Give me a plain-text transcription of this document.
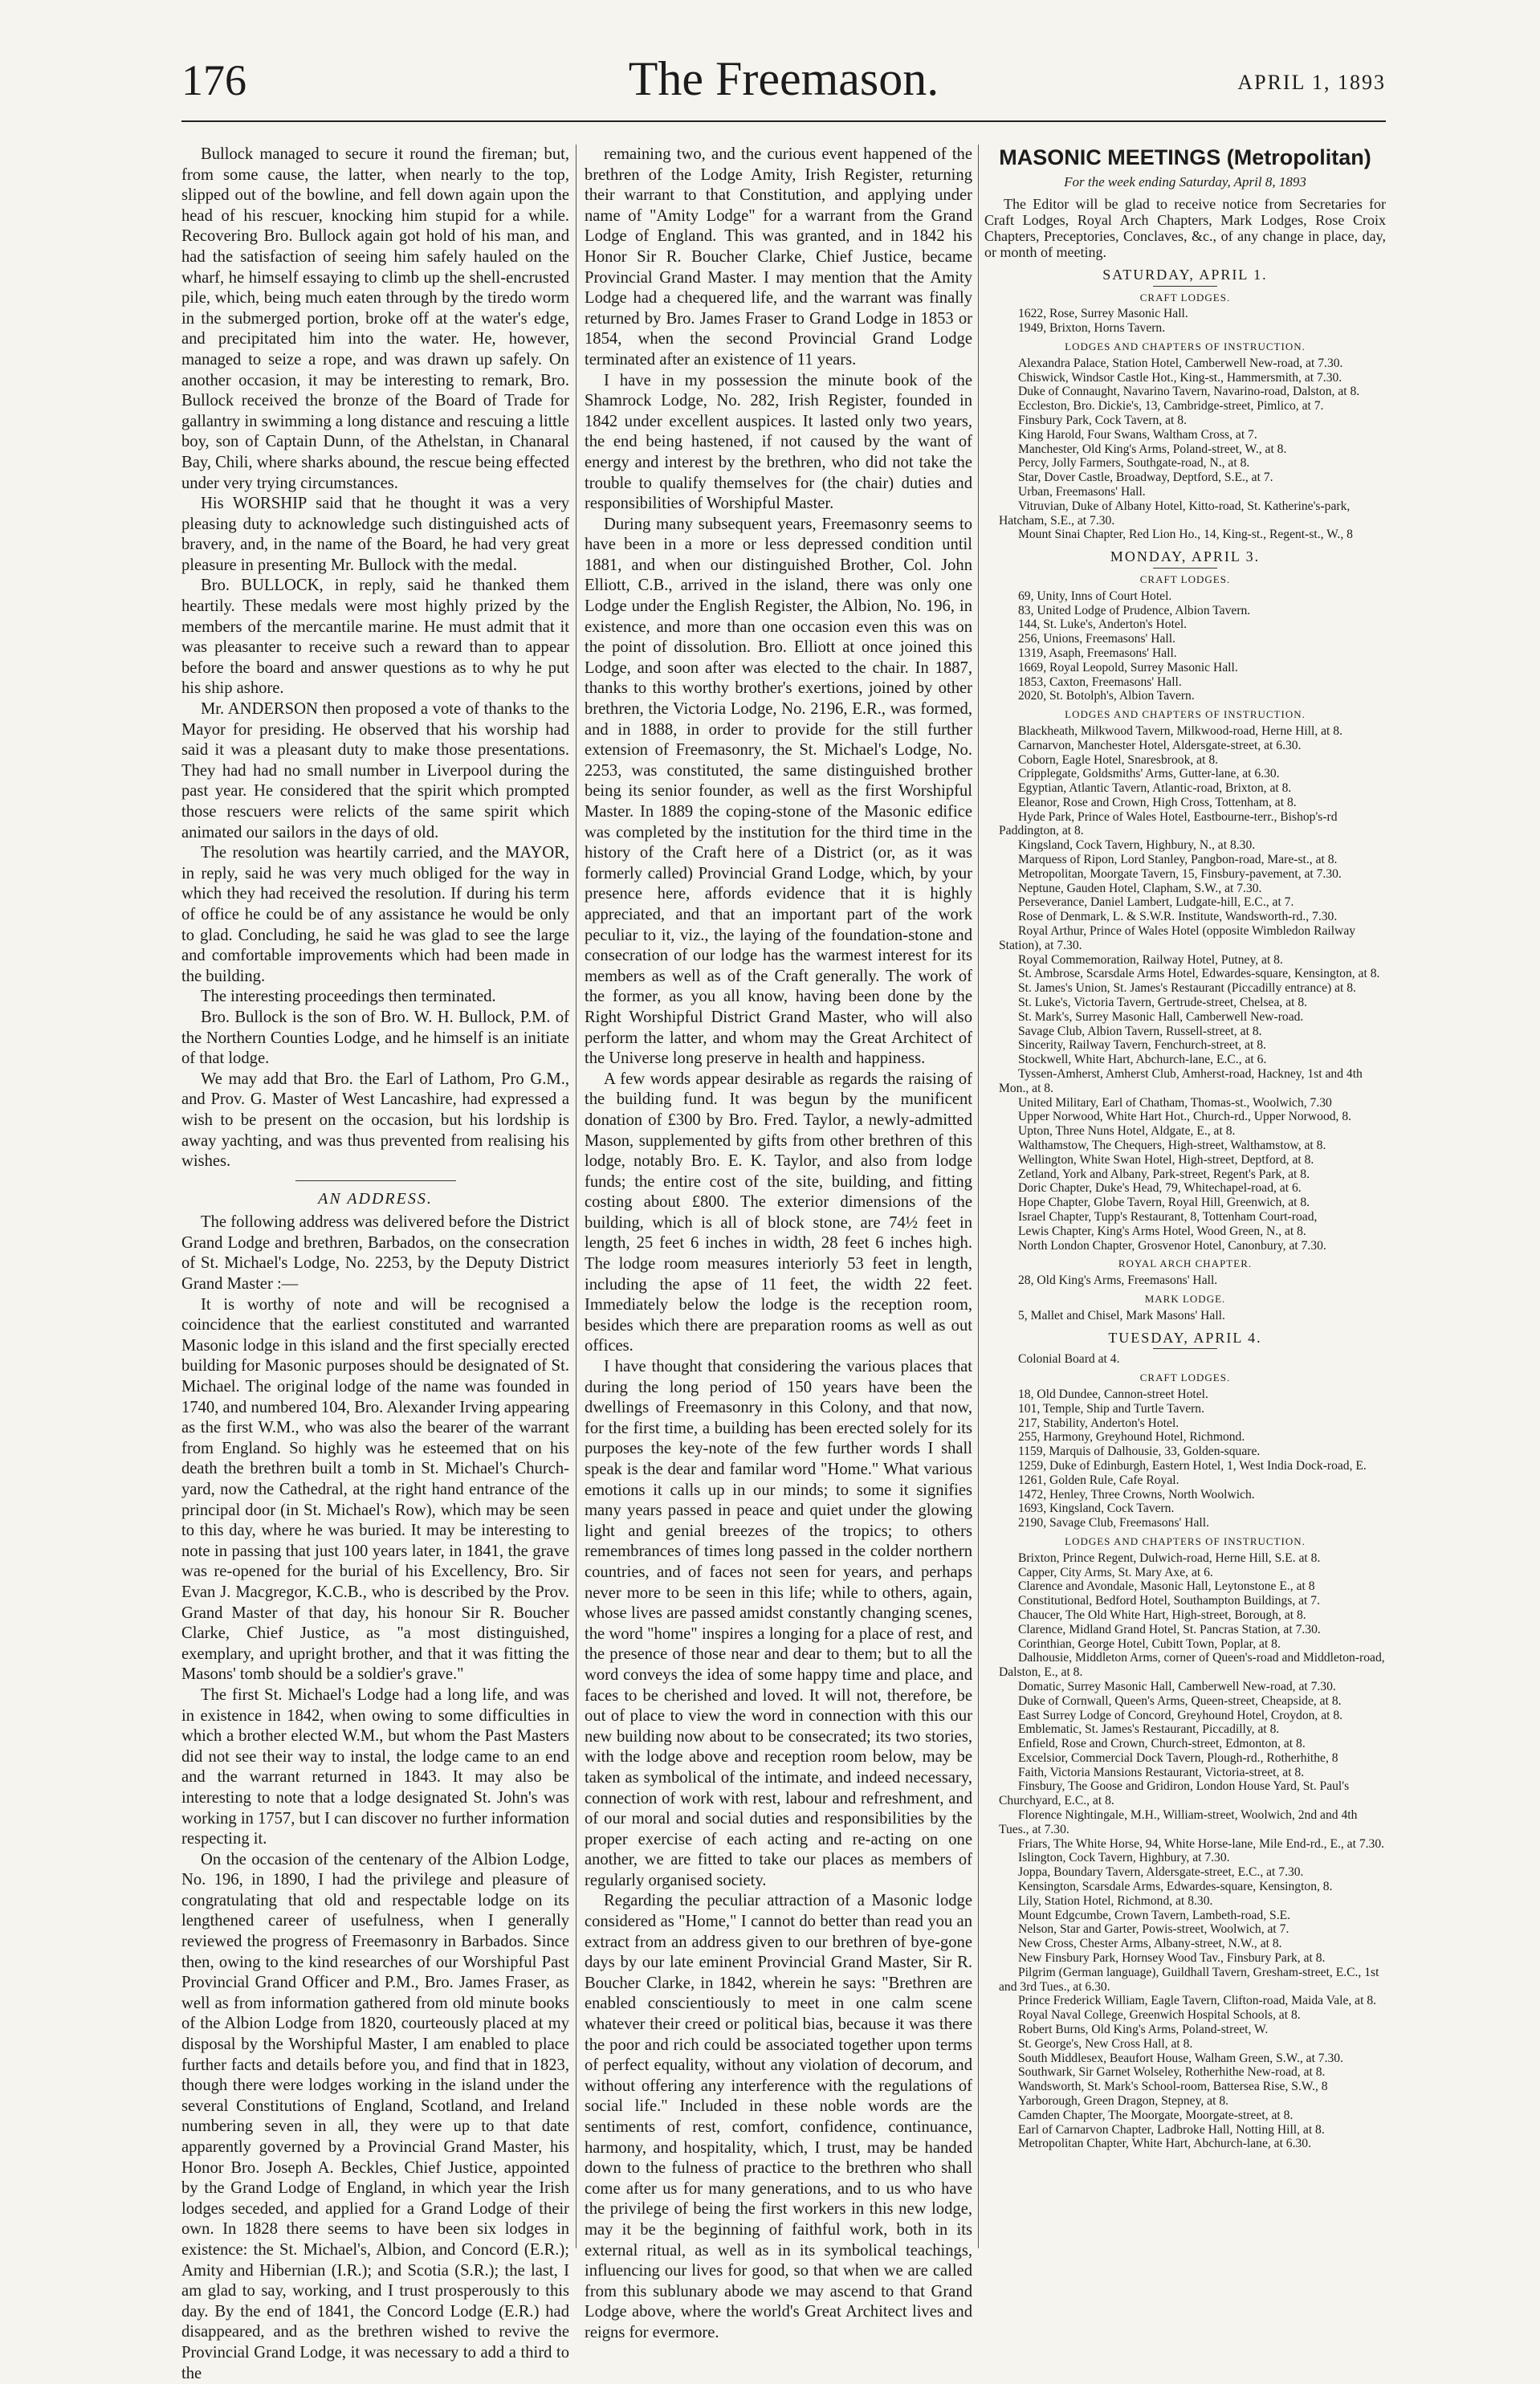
176	The Freemason.	APRIL 1, 1893

Bullock managed to secure it round the fireman; but, from some cause, the latter, when nearly to the top, slipped out of the bowline, and fell down again upon the head of his rescuer, knocking him stupid for a while. Recovering Bro. Bullock again got hold of his man, and had the satisfaction of seeing him safely hauled on the wharf, he himself essaying to climb up the shell-encrusted pile, which, being much eaten through by the tiredo worm in the submerged portion, broke off at the water's edge, and precipitated him into the water. He, however, managed to seize a rope, and was drawn up safely. On another occasion, it may be interesting to remark, Bro. Bullock received the bronze of the Board of Trade for gallantry in swimming a long distance and rescuing a little boy, son of Captain Dunn, of the Athelstan, in Chanaral Bay, Chili, where sharks abound, the rescue being effected under very trying circumstances.

His WORSHIP said that he thought it was a very pleasing duty to acknowledge such distinguished acts of bravery, and, in the name of the Board, he had very great pleasure in presenting Mr. Bullock with the medal.

Bro. BULLOCK, in reply, said he thanked them heartily. These medals were most highly prized by the members of the mercantile marine. He must admit that it was pleasanter to receive such a reward than to appear before the board and answer questions as to why he put his ship ashore.

Mr. ANDERSON then proposed a vote of thanks to the Mayor for presiding. He observed that his worship had said it was a pleasant duty to make those presentations. They had had no small number in Liverpool during the past year. He considered that the spirit which prompted those rescuers were relicts of the same spirit which animated our sailors in the days of old.

The resolution was heartily carried, and the MAYOR, in reply, said he was very much obliged for the way in which they had received the resolution. If during his term of office he could be of any assistance he would be only to glad. Concluding, he said he was glad to see the large and comfortable improvements which had been made in the building.

The interesting proceedings then terminated.

Bro. Bullock is the son of Bro. W. H. Bullock, P.M. of the Northern Counties Lodge, and he himself is an initiate of that lodge.

We may add that Bro. the Earl of Lathom, Pro G.M., and Prov. G. Master of West Lancashire, had expressed a wish to be present on the occasion, but his lordship is away yachting, and was thus prevented from realising his wishes.

AN ADDRESS.

The following address was delivered before the District Grand Lodge and brethren, Barbados, on the consecration of St. Michael's Lodge, No. 2253, by the Deputy District Grand Master :—

It is worthy of note and will be recognised a coincidence that the earliest constituted and warranted Masonic lodge in this island and the first specially erected building for Masonic purposes should be designated of St. Michael. The original lodge of the name was founded in 1740, and numbered 104, Bro. Alexander Irving appearing as the first W.M., who was also the bearer of the warrant from England. So highly was he esteemed that on his death the brethren built a tomb in St. Michael's Church-yard, now the Cathedral, at the right hand entrance of the principal door (in St. Michael's Row), which may be seen to this day, where he was buried. It may be interesting to note in passing that just 100 years later, in 1841, the grave was re-opened for the burial of his Excellency, Bro. Sir Evan J. Macgregor, K.C.B., who is described by the Prov. Grand Master of that day, his honour Sir R. Boucher Clarke, Chief Justice, as "a most distinguished, exemplary, and upright brother, and that it was fitting the Masons' tomb should be a soldier's grave."

The first St. Michael's Lodge had a long life, and was in existence in 1842, when owing to some difficulties in which a brother elected W.M., but whom the Past Masters did not see their way to instal, the lodge came to an end and the warrant returned in 1843. It may also be interesting to note that a lodge designated St. John's was working in 1757, but I can discover no further information respecting it.

On the occasion of the centenary of the Albion Lodge, No. 196, in 1890, I had the privilege and pleasure of congratulating that old and respectable lodge on its lengthened career of usefulness, when I generally reviewed the progress of Freemasonry in Barbados. Since then, owing to the kind researches of our Worshipful Past Provincial Grand Officer and P.M., Bro. James Fraser, as well as from information gathered from old minute books of the Albion Lodge from 1820, courteously placed at my disposal by the Worshipful Master, I am enabled to place further facts and details before you, and find that in 1823, though there were lodges working in the island under the several Constitutions of England, Scotland, and Ireland numbering seven in all, they were up to that date apparently governed by a Provincial Grand Master, his Honor Bro. Joseph A. Beckles, Chief Justice, appointed by the Grand Lodge of England, in which year the Irish lodges seceded, and applied for a Grand Lodge of their own. In 1828 there seems to have been six lodges in existence: the St. Michael's, Albion, and Concord (E.R.); Amity and Hibernian (I.R.); and Scotia (S.R.); the last, I am glad to say, working, and I trust prosperously to this day. By the end of 1841, the Concord Lodge (E.R.) had disappeared, and as the brethren wished to revive the Provincial Grand Lodge, it was necessary to add a third to the

remaining two, and the curious event happened of the brethren of the Lodge Amity, Irish Register, returning their warrant to that Constitution, and applying under name of "Amity Lodge" for a warrant from the Grand Lodge of England. This was granted, and in 1842 his Honor Sir R. Boucher Clarke, Chief Justice, became Provincial Grand Master. I may mention that the Amity Lodge had a chequered life, and the warrant was finally returned by Bro. James Fraser to Grand Lodge in 1853 or 1854, when the second Provincial Grand Lodge terminated after an existence of 11 years.

I have in my possession the minute book of the Shamrock Lodge, No. 282, Irish Register, founded in 1842 under excellent auspices. It lasted only two years, the end being hastened, if not caused by the want of energy and interest by the brethren, who did not take the trouble to qualify themselves for (the chair) duties and responsibilities of Worshipful Master.

During many subsequent years, Freemasonry seems to have been in a more or less depressed condition until 1881, and when our distinguished Brother, Col. John Elliott, C.B., arrived in the island, there was only one Lodge under the English Register, the Albion, No. 196, in existence, and more than one occasion even this was on the point of dissolution. Bro. Elliott at once joined this Lodge, and soon after was elected to the chair. In 1887, thanks to this worthy brother's exertions, joined by other brethren, the Victoria Lodge, No. 2196, E.R., was formed, and in 1888, in order to provide for the still further extension of Freemasonry, the St. Michael's Lodge, No. 2253, was constituted, the same distinguished brother being its senior founder, as well as the first Worshipful Master. In 1889 the coping-stone of the Masonic edifice was completed by the institution for the third time in the history of the Craft here of a District (or, as it was formerly called) Provincial Grand Lodge, which, by your presence here, affords evidence that it is highly appreciated, and that an important part of the work peculiar to it, viz., the laying of the foundation-stone and consecration of our lodge has the warmest interest for its members as well as of the Craft generally. The work of the former, as you all know, having been done by the Right Worshipful District Grand Master, who will also perform the latter, and whom may the Great Architect of the Universe long preserve in health and happiness.

A few words appear desirable as regards the raising of the building fund. It was begun by the munificent donation of £300 by Bro. Fred. Taylor, a newly-admitted Mason, supplemented by gifts from other brethren of this lodge, notably Bro. E. K. Taylor, and also from lodge funds; the entire cost of the site, building, and fitting costing about £800. The exterior dimensions of the building, which is all of block stone, are 74½ feet in length, 25 feet 6 inches in width, 28 feet 6 inches high. The lodge room measures interiorly 53 feet in length, including the apse of 11 feet, the width 22 feet. Immediately below the lodge is the reception room, besides which there are preparation rooms as well as out offices.

I have thought that considering the various places that during the long period of 150 years have been the dwellings of Freemasonry in this Colony, and that now, for the first time, a building has been erected solely for its purposes the key-note of the few further words I shall speak is the dear and familar word "Home." What various emotions it calls up in our minds; to some it signifies many years passed in peace and quiet under the glowing light and genial breezes of the tropics; to others remembrances of times long passed in the colder northern countries, and of faces not seen for years, and perhaps never more to be seen in this life; while to others, again, whose lives are passed amidst constantly changing scenes, the word "home" inspires a longing for a place of rest, and the presence of those near and dear to them; but to all the word conveys the idea of some happy time and place, and faces to be cherished and loved. It will not, therefore, be out of place to view the word in connection with this our new building now about to be consecrated; its two stories, with the lodge above and reception room below, may be taken as symbolical of the intimate, and indeed necessary, connection of work with rest, labour and refreshment, and of our moral and social duties and responsibilities by the proper exercise of each acting and re-acting on one another, we are fitted to take our places as members of regularly organised society.

Regarding the peculiar attraction of a Masonic lodge considered as "Home," I cannot do better than read you an extract from an address given to our brethren of bye-gone days by our late eminent Provincial Grand Master, Sir R. Boucher Clarke, in 1842, wherein he says: "Brethren are enabled conscientiously to meet in one calm scene whatever their creed or political bias, because it was there the poor and rich could be associated together upon terms of perfect equality, without any violation of decorum, and without offering any interference with the regulations of social life." Included in these noble words are the sentiments of rest, comfort, confidence, continuance, harmony, and hospitality, which, I trust, may be handed down to the fulness of practice to the brethren who shall come after us for many generations, and to us who have the privilege of being the first workers in this new lodge, may it be the beginning of faithful work, both in its external ritual, as well as in its symbolical teachings, influencing our lives for good, so that when we are called from this sublunary abode we may ascend to that Grand Lodge above, where the world's Great Architect lives and reigns for evermore.

MASONIC MEETINGS (Metropolitan)
For the week ending Saturday, April 8, 1893

The Editor will be glad to receive notice from Secretaries for Craft Lodges, Royal Arch Chapters, Mark Lodges, Rose Croix Chapters, Preceptories, Conclaves, &c., of any change in place, day, or month of meeting.

SATURDAY, APRIL 1.
CRAFT LODGES.

1622, Rose, Surrey Masonic Hall.

1949, Brixton, Horns Tavern.

LODGES AND CHAPTERS OF INSTRUCTION.

Alexandra Palace, Station Hotel, Camberwell New-road, at 7.30.

Chiswick, Windsor Castle Hot., King-st., Hammersmith, at 7.30.

Duke of Connaught, Navarino Tavern, Navarino-road, Dalston, at 8.

Eccleston, Bro. Dickie's, 13, Cambridge-street, Pimlico, at 7.

Finsbury Park, Cock Tavern, at 8.

King Harold, Four Swans, Waltham Cross, at 7.

Manchester, Old King's Arms, Poland-street, W., at 8.

Percy, Jolly Farmers, Southgate-road, N., at 8.

Star, Dover Castle, Broadway, Deptford, S.E., at 7.

Urban, Freemasons' Hall.

Vitruvian, Duke of Albany Hotel, Kitto-road, St. Katherine's-park, Hatcham, S.E., at 7.30.

Mount Sinai Chapter, Red Lion Ho., 14, King-st., Regent-st., W., 8

MONDAY, APRIL 3.
CRAFT LODGES.

69, Unity, Inns of Court Hotel.

83, United Lodge of Prudence, Albion Tavern.

144, St. Luke's, Anderton's Hotel.

256, Unions, Freemasons' Hall.

1319, Asaph, Freemasons' Hall.

1669, Royal Leopold, Surrey Masonic Hall.

1853, Caxton, Freemasons' Hall.

2020, St. Botolph's, Albion Tavern.

LODGES AND CHAPTERS OF INSTRUCTION.

Blackheath, Milkwood Tavern, Milkwood-road, Herne Hill, at 8.

Carnarvon, Manchester Hotel, Aldersgate-street, at 6.30.

Coborn, Eagle Hotel, Snaresbrook, at 8.

Cripplegate, Goldsmiths' Arms, Gutter-lane, at 6.30.

Egyptian, Atlantic Tavern, Atlantic-road, Brixton, at 8.

Eleanor, Rose and Crown, High Cross, Tottenham, at 8.

Hyde Park, Prince of Wales Hotel, Eastbourne-terr., Bishop's-rd Paddington, at 8.

Kingsland, Cock Tavern, Highbury, N., at 8.30.

Marquess of Ripon, Lord Stanley, Pangbon-road, Mare-st., at 8.

Metropolitan, Moorgate Tavern, 15, Finsbury-pavement, at 7.30.

Neptune, Gauden Hotel, Clapham, S.W., at 7.30.

Perseverance, Daniel Lambert, Ludgate-hill, E.C., at 7.

Rose of Denmark, L. & S.W.R. Institute, Wandsworth-rd., 7.30.

Royal Arthur, Prince of Wales Hotel (opposite Wimbledon Railway Station), at 7.30.

Royal Commemoration, Railway Hotel, Putney, at 8.

St. Ambrose, Scarsdale Arms Hotel, Edwardes-square, Kensington, at 8.

St. James's Union, St. James's Restaurant (Piccadilly entrance) at 8.

St. Luke's, Victoria Tavern, Gertrude-street, Chelsea, at 8.

St. Mark's, Surrey Masonic Hall, Camberwell New-road.

Savage Club, Albion Tavern, Russell-street, at 8.

Sincerity, Railway Tavern, Fenchurch-street, at 8.

Stockwell, White Hart, Abchurch-lane, E.C., at 6.

Tyssen-Amherst, Amherst Club, Amherst-road, Hackney, 1st and 4th Mon., at 8.

United Military, Earl of Chatham, Thomas-st., Woolwich, 7.30

Upper Norwood, White Hart Hot., Church-rd., Upper Norwood, 8.

Upton, Three Nuns Hotel, Aldgate, E., at 8.

Walthamstow, The Chequers, High-street, Walthamstow, at 8.

Wellington, White Swan Hotel, High-street, Deptford, at 8.

Zetland, York and Albany, Park-street, Regent's Park, at 8.

Doric Chapter, Duke's Head, 79, Whitechapel-road, at 6.

Hope Chapter, Globe Tavern, Royal Hill, Greenwich, at 8.

Israel Chapter, Tupp's Restaurant, 8, Tottenham Court-road,

Lewis Chapter, King's Arms Hotel, Wood Green, N., at 8.

North London Chapter, Grosvenor Hotel, Canonbury, at 7.30.

ROYAL ARCH CHAPTER.

28, Old King's Arms, Freemasons' Hall.

MARK LODGE.

5, Mallet and Chisel, Mark Masons' Hall.

TUESDAY, APRIL 4.

Colonial Board at 4.

CRAFT LODGES.

18, Old Dundee, Cannon-street Hotel.

101, Temple, Ship and Turtle Tavern.

217, Stability, Anderton's Hotel.

255, Harmony, Greyhound Hotel, Richmond.

1159, Marquis of Dalhousie, 33, Golden-square.

1259, Duke of Edinburgh, Eastern Hotel, 1, West India Dock-road, E.

1261, Golden Rule, Cafe Royal.

1472, Henley, Three Crowns, North Woolwich.

1693, Kingsland, Cock Tavern.

2190, Savage Club, Freemasons' Hall.

LODGES AND CHAPTERS OF INSTRUCTION.

Brixton, Prince Regent, Dulwich-road, Herne Hill, S.E. at 8.

Capper, City Arms, St. Mary Axe, at 6.

Clarence and Avondale, Masonic Hall, Leytonstone E., at 8

Constitutional, Bedford Hotel, Southampton Buildings, at 7.

Chaucer, The Old White Hart, High-street, Borough, at 8.

Clarence, Midland Grand Hotel, St. Pancras Station, at 7.30.

Corinthian, George Hotel, Cubitt Town, Poplar, at 8.

Dalhousie, Middleton Arms, corner of Queen's-road and Middleton-road, Dalston, E., at 8.

Domatic, Surrey Masonic Hall, Camberwell New-road, at 7.30.

Duke of Cornwall, Queen's Arms, Queen-street, Cheapside, at 8.

East Surrey Lodge of Concord, Greyhound Hotel, Croydon, at 8.

Emblematic, St. James's Restaurant, Piccadilly, at 8.

Enfield, Rose and Crown, Church-street, Edmonton, at 8.

Excelsior, Commercial Dock Tavern, Plough-rd., Rotherhithe, 8

Faith, Victoria Mansions Restaurant, Victoria-street, at 8.

Finsbury, The Goose and Gridiron, London House Yard, St. Paul's Churchyard, E.C., at 8.

Florence Nightingale, M.H., William-street, Woolwich, 2nd and 4th Tues., at 7.30.

Friars, The White Horse, 94, White Horse-lane, Mile End-rd., E., at 7.30.

Islington, Cock Tavern, Highbury, at 7.30.

Joppa, Boundary Tavern, Aldersgate-street, E.C., at 7.30.

Kensington, Scarsdale Arms, Edwardes-square, Kensington, 8.

Lily, Station Hotel, Richmond, at 8.30.

Mount Edgcumbe, Crown Tavern, Lambeth-road, S.E.

Nelson, Star and Garter, Powis-street, Woolwich, at 7.

New Cross, Chester Arms, Albany-street, N.W., at 8.

New Finsbury Park, Hornsey Wood Tav., Finsbury Park, at 8.

Pilgrim (German language), Guildhall Tavern, Gresham-street, E.C., 1st and 3rd Tues., at 6.30.

Prince Frederick William, Eagle Tavern, Clifton-road, Maida Vale, at 8.

Royal Naval College, Greenwich Hospital Schools, at 8.

Robert Burns, Old King's Arms, Poland-street, W.

St. George's, New Cross Hall, at 8.

South Middlesex, Beaufort House, Walham Green, S.W., at 7.30.

Southwark, Sir Garnet Wolseley, Rotherhithe New-road, at 8.

Wandsworth, St. Mark's School-room, Battersea Rise, S.W., 8

Yarborough, Green Dragon, Stepney, at 8.

Camden Chapter, The Moorgate, Moorgate-street, at 8.

Earl of Carnarvon Chapter, Ladbroke Hall, Notting Hill, at 8.

Metropolitan Chapter, White Hart, Abchurch-lane, at 6.30.
